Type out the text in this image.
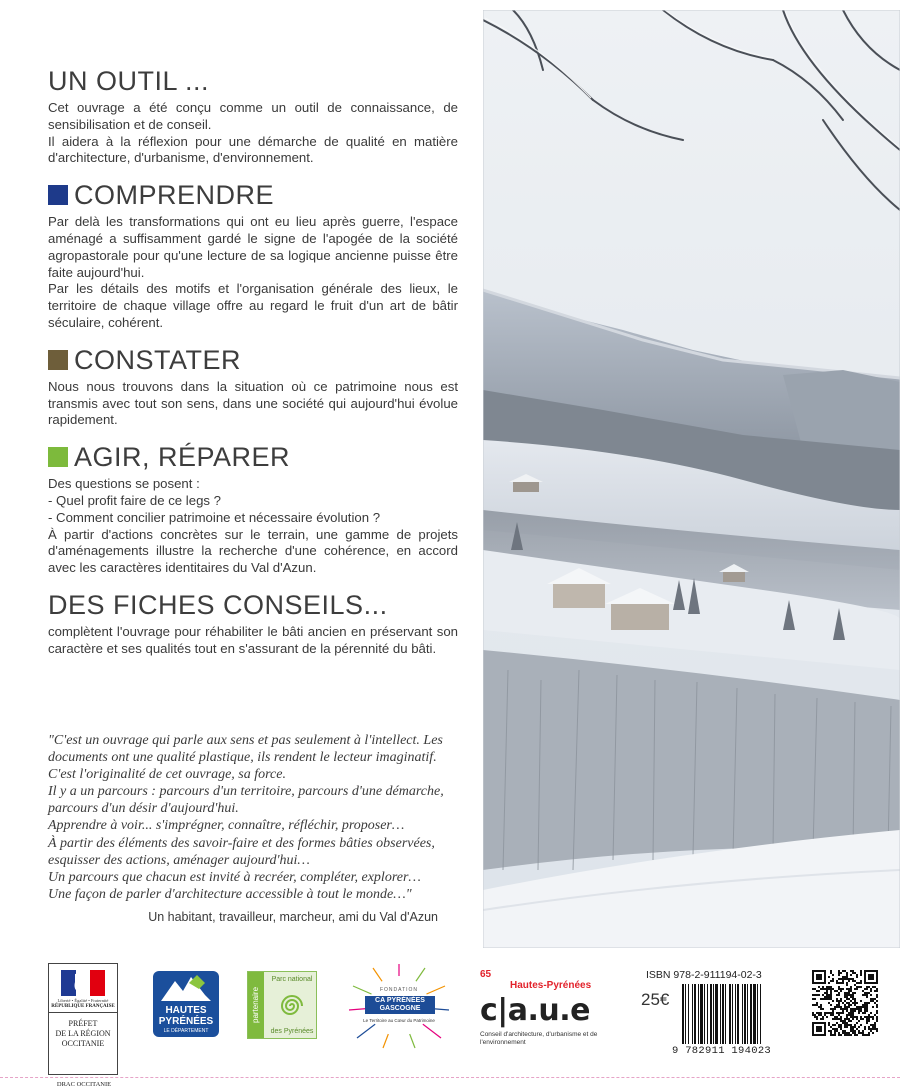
UN OUTIL ...

Cet ouvrage a été conçu comme un outil de connaissance, de sensibilisation et de conseil.

Il aidera à la réflexion pour une démarche de qualité en matière d'architecture, d'urbanisme, d'environnement.

COMPRENDRE

Par delà les transformations qui ont eu lieu après guerre, l'espace aménagé a suffisamment gardé le signe de l'apogée de la société agropastorale pour qu'une lecture de sa logique ancienne puisse être faite aujourd'hui.

Par les détails des motifs et l'organisation générale des lieux, le territoire de chaque village offre au regard le fruit d'un art de bâtir séculaire, cohérent.

CONSTATER

Nous nous trouvons dans la situation où ce patrimoine nous est transmis avec tout son sens, dans une société qui aujourd'hui évolue rapidement.

AGIR, RÉPARER

Des questions se posent :

- Quel profit faire de ce legs ?

- Comment concilier patrimoine et nécessaire évolution ?

À partir d'actions concrètes sur le terrain, une gamme de projets d'aménagements illustre la recherche d'une cohérence, en accord avec les caractères identitaires du Val d'Azun.

DES FICHES CONSEILS...

complètent l'ouvrage pour réhabiliter le bâti ancien en préservant son caractère et ses qualités tout en s'assurant de la pérennité du bâti.

"C'est un ouvrage qui parle aux sens et pas seulement à l'intellect. Les documents ont une qualité plastique, ils rendent le lecteur imaginatif. C'est l'originalité de cet ouvrage, sa force.

Il y a un parcours : parcours d'un territoire, parcours d'une démarche, parcours d'un désir d'aujourd'hui.

Apprendre à voir... s'imprégner, connaître, réfléchir, proposer…

À partir des éléments des savoir-faire et des formes bâties observées, esquisser des actions, aménager aujourd'hui…

Un parcours que chacun est invité à recréer, compléter, explorer…

Une façon de parler d'architecture accessible à tout le monde…"

Un habitant, travailleur, marcheur, ami du Val d'Azun
Liberté • Égalité • Fraternité
RÉPUBLIQUE FRANÇAISE
PRÉFET
DE LA RÉGION
OCCITANIE
DRAC OCCITANIE
HAUTES
PYRÉNÉES
LE DÉPARTEMENT
partenaire
Parc national
des Pyrénées
FONDATION
CA PYRÉNÉES GASCOGNE
Le Territoire au Cœur du Patrimoine
65
Hautes-Pyrénées
c|a.u.e
Conseil d'architecture, d'urbanisme et de l'environnement
ISBN 978-2-911194-02-3
25€
9 782911 194023
